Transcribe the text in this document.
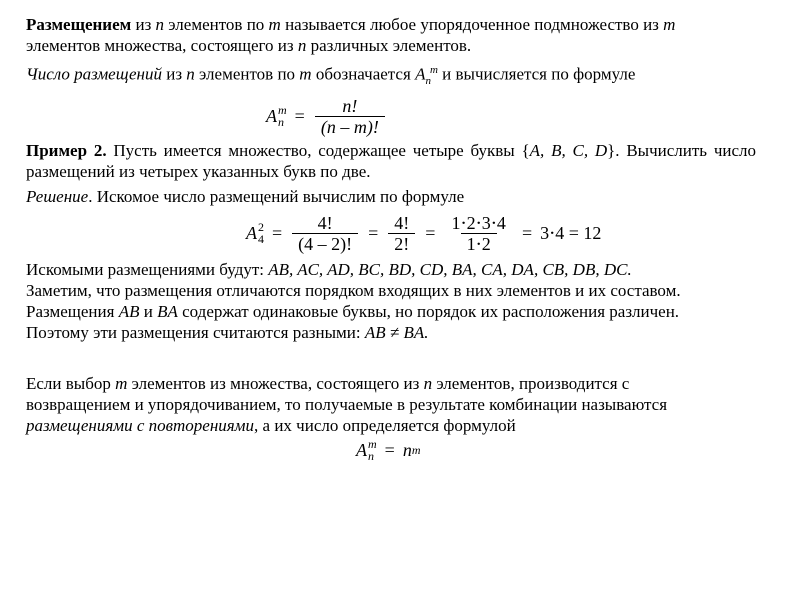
Размещением из n элементов по m называется любое упорядоченное подмножество из m
элементов множества, состоящего из n различных элементов.

Число размещений из n элементов по m обозначается $A_n^m$ и вычисляется по формуле

A m
$n = \frac{n!}{(n - m)!}$

Пример 2. Пусть имеется множество, содержащее четыре буквы {A, B, C, D}. Вычислить число размещений из четырех указанных букв по две.

Решение. Искомое число размещений вычислим по формуле

A 2
$4 = \frac{4!}{(4 - 2)!} = \frac{4!}{2!} = \frac{1\cdot 2\cdot 3\cdot 4}{1\cdot 2} = 3\cdot 4 = 12$

Искомыми размещениями будут: AB, AC, AD, BC, BD, CD, BA, CA, DA, CB, DB, DC.
Заметим, что размещения отличаются порядком входящих в них элементов и их составом.
Размещения AB и BA содержат одинаковые буквы, но порядок их расположения различен.
Поэтому эти размещения считаются разными: AB ≠ BA.

Если выбор m элементов из множества, состоящего из n элементов, производится с
возвращением и упорядочиванием, то получаемые в результате комбинации называются
размещениями с повторениями, а их число определяется формулой

A m
n = n m
